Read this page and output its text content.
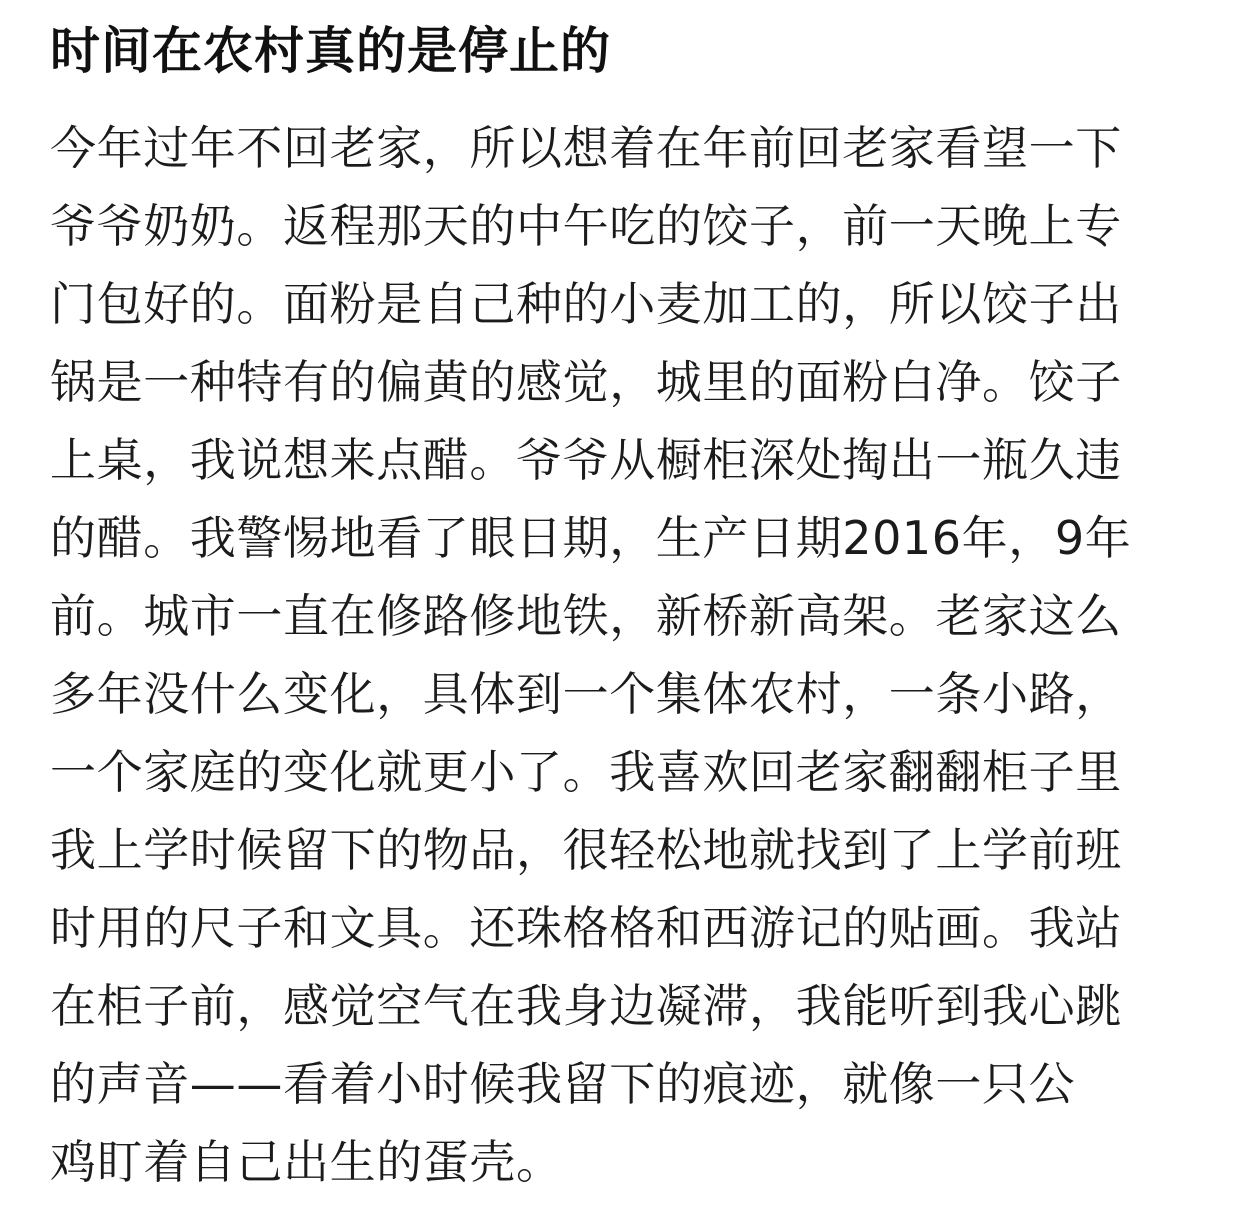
时间在农村真的是停止的
今年过年不回老家，所以想着在年前回老家看望一下
爷爷奶奶。返程那天的中午吃的饺子，前一天晚上专
门包好的。面粉是自己种的小麦加工的，所以饺子出
锅是一种特有的偏黄的感觉，城里的面粉白净。饺子
上桌，我说想来点醋。爷爷从橱柜深处掏出一瓶久违
的醋。我警惕地看了眼日期，生产日期2016年，9年
前。城市一直在修路修地铁，新桥新高架。老家这么
多年没什么变化，具体到一个集体农村，一条小路，
一个家庭的变化就更小了。我喜欢回老家翻翻柜子里
我上学时候留下的物品，很轻松地就找到了上学前班
时用的尺子和文具。还珠格格和西游记的贴画。我站
在柜子前，感觉空气在我身边凝滞，我能听到我心跳
的声音——看着小时候我留下的痕迹，就像一只公
鸡盯着自己出生的蛋壳。
